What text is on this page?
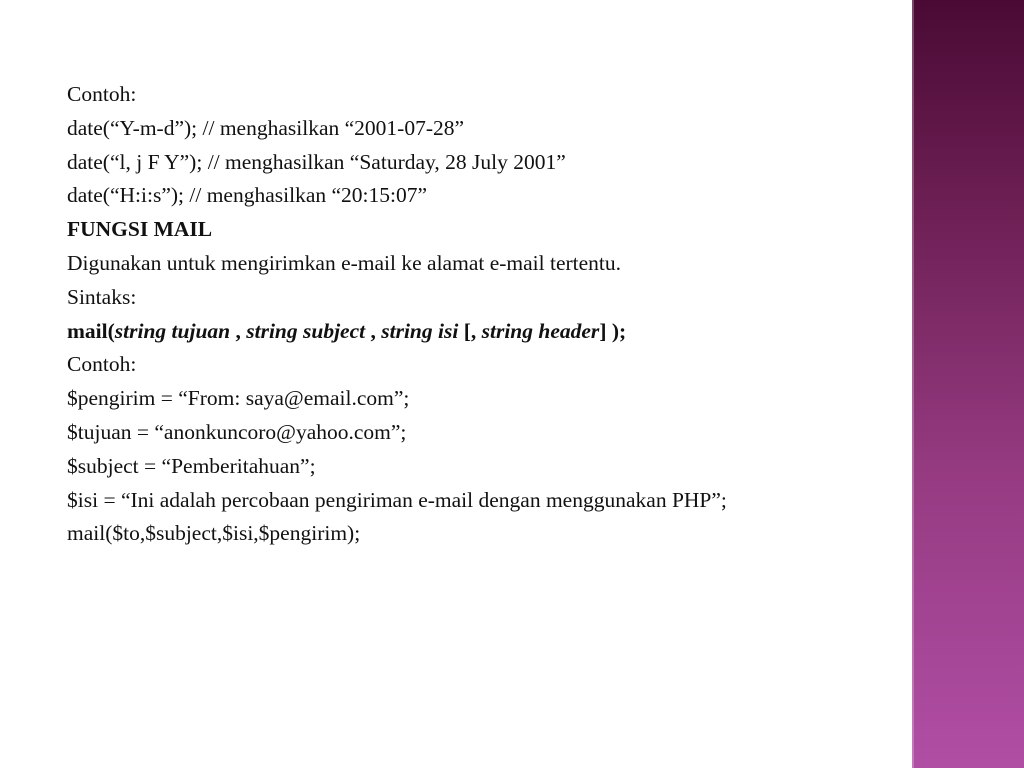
Contoh:

date(“Y-m-d”); // menghasilkan “2001-07-28”

date(“l, j F Y”); // menghasilkan “Saturday, 28 July 2001”

date(“H:i:s”); // menghasilkan “20:15:07”

FUNGSI MAIL

Digunakan untuk mengirimkan e-mail ke alamat e-mail tertentu.

Sintaks:

mail(string tujuan , string subject , string isi [, string header] );

Contoh:

$pengirim = “From: saya@email.com”;

$tujuan = “anonkuncoro@yahoo.com”;

$subject = “Pemberitahuan”;

$isi = “Ini adalah percobaan pengiriman e-mail dengan menggunakan PHP”;

mail($to,$subject,$isi,$pengirim);
